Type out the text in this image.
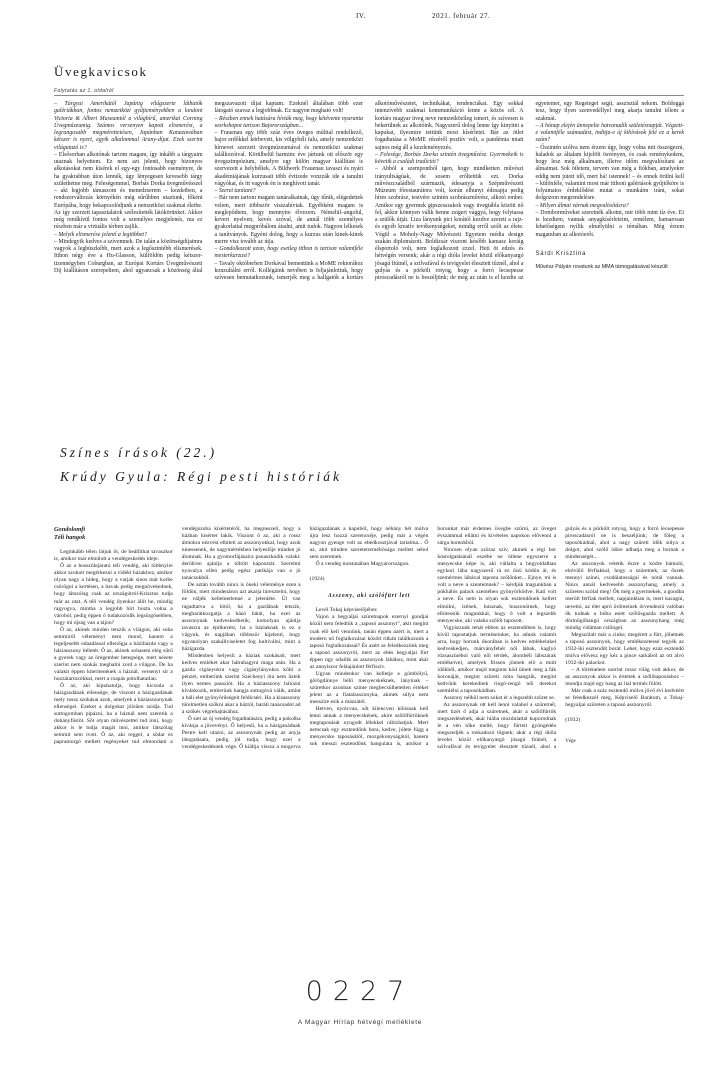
IV.	2021. február 27.
Üvegkavicsok
Folytatás az 1. oldalról

– Tárgyai Amerikától Japánig világszerte láthatók galériákban, fontos nemzetközi gyűjteményekben a londoni Victoria & Albert Museumtól a világhírű, amerikai Corning Üvegmúzeumig. Számos versenyen kapott elismerést, a legrangosabb megmérettetésen, Japánban Kanazawában kétszer is nyert, egyik alkalommal Arany-díjat. Ezek szerint világutazó is?

– Elsősorban alkotónak tartom magam, így inkább a tárgyaim utaznak helyettem. Ez nem azt jelenti, hogy bizonyos alkotásokat nem kísérek el egy-egy fontosabb eseményre, de ha gyakrabban úton lennék, úgy lényegesen kevesebb tárgy születhetne meg. Feleségemmel, Borbás Dorka üvegművésszel – aki legjobb támaszom és menedzserem – kezdetben, a rendszerváltozás környékén még sűrűbben utaztunk, főként Európába, hogy bekapcsolódjunk a nemzetközi szakmai életbe. Az így szerzett tapasztalatok szélesítették látókörünket. Akkor még rendkívül fontos volt a személyes megjelenés, ma ez részben már a virtuális térben zajlik.

– Melyik elismerése jelentí a legtöbbet?

– Mindegyik kedves a szívemnek. De talán a közönségdíjaimra vagyok a legbüszkébb, mert azok a legőszintébb elismerések. Itthon négy éve a Hu-Glasson, külföldön pedig kétszer-tizennégyben Coburgban, az Európai Kortárs Üvegművészeti Díj kiállításon szerepeltem, ahol ugyancsak a közönség által megszavazott díjat kaptam. Ezeknél általában több ezer látogató szavaz a legjobbnak. Ez nagyon megható volt!

– Részben ennek hatására hívták meg, hogy kétévente nyaranta workshopot tartson Bajorországban...

– Frauenau egy több száz éves üveges múlttal rendelkező, bajor erdőkkel körbevett, kis völgybéli falu, amely nemzetközi hírnevet szerzett üvegmúzeumával és nemzetközi szakmai találkozóival. Körülbelül harminc éve jártunk ott először egy üvegszimpózium, amelyre egy külön magyar kiállítást is szervezett a helybéliek. A Bildwerk Frauenau tavaszi és nyári akadémiájának kurzusait több évtizede vonzzák ide a tanulni vágyókat, és itt vagyok én is meghívott tanár.

– Szeret tanítani?

– Bár nem tartom magam tanáralkatnak, úgy tűnik, elégedettek velem, mert többször visszahívtak. Egyébként magam is meglepődtem, hogy mennyire élvezem. Némelül–angolul, kevert nyelven, kevés szóval, de annál több személyes gyakorlattal megpróbálom átadni, amit tudok. Nagyon lelkesek a tanítványok. Egyéni dolog, hogy a kurzus után kinek-kinek merre visz tovább az útja.

– Gondolkozott azon, hogy esetleg itthon is tartson valamiféle mesterkurzust?

– Tavaly októberben Dorkával bementünk a MoME rektorához konzultálni erről. Kollégáink nevében is feljajánlottuk, hogy szívesen bemutatkozunk, ismerjék meg a hallgatók a kortárs alkotóművészetet, technikákat, tendenciákat. Egy sokkal intenzívebb szakmai kommunikáció lenne a közös cél. A kortárs magyar üveg neve nemzetközileg ismert, és szívesen is bekerülnek az alkotóink. Nagyszerű dolog lenne így kinyitni a kapukat, ilyesmire tettünk most kísérletet. Bár az ötlet fogadtatása a MoME részéről pozitív volt, a pandémia miatt sajnos még áll a kezdeményezés.

– Felesége, Borbás Dorka szintén üvegművész. Gyermekeik is követik a családi tradíciót?

– Abból a szempontból igen, hogy mindketten művészi irányultságúak, de sosem erőltettük ezt. Dorka művészcsaládból származik, édesanyja a Szépművészeti Múzeum főrestaurátora volt, korán elhunyt édesapja pedig híres szobrász, testvére szintén szobrászművész, alkotó ember. Amikor egy gyermek gipszesszakok vagy üvegtábla között nő fel, akkor könnyen válik benne zsigeri vággyá, hogy folytassa a szülők útját. Liza lányunk pici korától kezdve szereti a rajz- és egyéb kreatív tevékenységeket, mindig erről szólt az élete. Végül a Moholy-Nagy Művészeti Egyetem média design szakán diplomázott. Boldizsár viszont később kamasz koráig élsportoló volt, nem foglalkozott ezzel. Heti öt edzés és hétvégén versenk; akár a régi dióla levelei közül előkanyargó jósagú fiútnél, a szilvafával és tevigyelet élesztett tűznél, ahol a gulyás és a pörkölt rotyog, hogy a forró lecsepesse piroscadásról ne is beszéljünk; de még az után is el kezdte az egyetemet, egy Regeteget segít, asszisztál nekem. Boldoggá tesz, hogy ilyen szenvedéllyel meg akarja tanulni tőlem a szakmát.

– A hónap elején ünnepelte hatvanadik születésnapját. Végzett-e valamiféle számadást, inditja-e új kihívások felé ez a kerek szám?

– Őszintén szólva nem érzem úgy, hogy volna mit összegezni, haladok az általam kijelölt ösvényen, és csak reménykedem, hogy lesz még alkalmam, illetve időm megvalósítani az álmaimat. Sok ötletem, tervem van még a fiókban, amelyekre eddig nem jutott idő, mert há! istennek! – és ennek örülni kell – különféle, valamint most már itthoni galériások gyűjtőköre is folyamatos érdeklődést mutat a munkáim iránt, sokat dolgozom megrendelésre.

– Milyen álmai várnak megvalósításra?

– Domborműveket szeretnék alkotni, mir több mint tíz éve. Ei is kezdtem, vannak anyagkísérleteim, remélem, hamarosan lehetőségem nyílik elmélyülni a témában. Még érzem magamban az alkotóerőt.

Sárdi Krisztina
Művész Pályán rovatunk az MMA támogatásával készült
Színes írások (22.)
Krúdy Gyula: Régi pesti históriák

Gondolomfi

Téli hangok

Leginkább télen látjuk őt, de beállíthat tavaszkor is, amikor már elmúlott a vendégeskedés ideje.

Ő az a hosszúlejáratú téli vendég, aki többnyire akkor szokott megérkezni a vidéki házakhoz, amikor olyan nagy a hideg, hogy a varjak sinos már korbe csörögni a kertésen, a havak pedig megnövekednek, hogy látszólag csak az országútról-Krisztus tudja már az utat. A téli vendég ilyenkor állít be, mindig ragyogva, mintha a legjobb hírt hozta volna a vároból, pedig éppen ő tudakozódik legsürgősebben, hogy mi újság van a tájon?

Ő az, akinek minden tetszik a világon, aki soha semmiről véleményt nem mond, hanem a legeljesebb odaadással ellenőgja a háziházda vagy a háziasszony ítéletét. Ő az, akinek sohasem elég sűrű a gyerek vagy az öregember betegsége, mert nézete szerint nem szokás meghalni zord a világon. De ha valakit éppen kiterítenének a háznál, versenyt sír a hozzátartozókkal, mert a csapás pótolhatatlan.

Ő az, aki kipuhatolja, hogy kicsoda a házigazdának ellensége, de viszont a házigazdának mely rossz szokásai azok, amelyek a háziasszonynak ellenségei. Ezeket a dolgokat jóízűen szidja. Tud suttogomban pipázni, ha a háznál nem szeretik a dohányfüstöt. Sőt olyan művészettel tud inni, hogy akkor is le tudja magát inni, amikor látszólag semmit sem ivott. Ő az, aki reggel, a södar és papramorgó mellett regényeket tud elmondani a vendégszoba kísértetéről, ha megneszeli, hogy a házban kísértet lakik. Viszont ő az, aki a rossz álmokra nézvést elhíteti az asszonyokkal, hogy azok ninessenek, de nagymértékben helyeslője minden jó álomnak. Ha a gyomorfájásaira panaszkodik valaki: derült/en ajánlja a töltött káposztát. Szerelmi nyavalya ellen pedig egész patikája van a jó tanácsokból.

De aztán tovább nincs is öneki véleménye ezen a földön, mert mindenáron azt akarja hiresztelni, hogy ne váljék kellemetlenné a jelenléte. Ül van ragadtatva a lótól, ha a gazdának tetszik, megbarátkozgatja a házó hátát, ha ezel az asszonynak kedveskedhetik; komolyan ajánlja tavaszra az építkezést, ha a háziaknak is ez a vágyuk, és napjában többször kijelenti, hogy ugyanolyan szakállviseletet fog kultiválni, mint a házigazda.

Mindenben helyesli a háziak szokásait, mert kedves emléket akar hátrahagyni maga után. Ha a gazda cigányokra vagy cigánylányokra költi a pénzét, emberünk szerint Széchenyi óta nem űztek ilyen nemes passziót. Ha a háziasszony bálozni kívánkozik, emberünk hangja suttogóvá válik, amint a báli elet gyönyörűségeit feldicséri. Ha a kisasszony türelmetlen szőkni akar a háztól, baráti tanácsadót ad a szökés végrehajtásához.

Ő siet az új vendég fogadtatására, pedig a pokolba kívánja a jövevényt. Ő helyesli, ha a háziganádnak Pestre kell utazni, az asszonynak pedig az anyja látogatására, pedig jól tudja, hogy ezel a vendégeskedésnek vége. Ő kiáltja vissza a mogorva házigazdának a kapuból, hogy néhány hét múlva újra lesz hozzá szerencséje, pedig már a végén nagyon gyenge volt az ebédkosztjával tartalma... Ő az, akit minden szeretetreméltósága mellett sehol sem szeretnek.

Ő a vendég mostanában Magyarországon.

(1924)

Asszony, aki szólófürt lett

Levél Tokaj képviselőjéhez

Vajon a hegyaljai szüretnapok ezernyi gondjai közül nem feledtük a „taposó asszonyt”, akit megint csak elő kell vennünk, tanán éppen azért is, mert a modern nő foglalkozásai között ritkán találkozunk a taposó foglalkozással? És azért se feledkezzünk meg a taposó asszonyról, mert az ebés hegyaljai fürt éppen úgy odailik az asszonyok lábához, mint akár az annyiszor feláajánlott férfiszív.

Ugyan mindenkor van kelletje a gömbölyű, görögdinnye bélű menyecskéknek, lányinak – szüretkor azonban szinte megbecsülhetetlen értéket jelent az a fiatalasszonyka, akinek súlya nem messzire esik a mázsától.

Hetven, nyolcvan, sőt kilencven kilósnak kell lenni annak a menyecskének, akire szőlőfürtöknek megtaposását nyugodt lélekkel rábízhatjuk. Mert nemcsak egy esztendőnk bora, kedve, jólete függ a menyecske taposásától, mozgékonyságától, hanem sok messzi esztendőnk hangulata is, amikor a borunkat már érdemes üvegbe szűrni, az üveget évszámmal ellátni és kivételes napokon elővenni a sárga homokból.

Nincsen olyan szüraz szív, akinek a régi bor kóstolgatásánál eszébe ne ötlene egyszerre a menyecske képe is, aki vállalta a hegyoldalban egykori lába nagyszerű rá ez őszi ködön át, és szemérmes lábával taposta szőlőnket... Ejnye, mi is volt a neve a szentemnek? – kérdjük magunkban a pókhálós palack szemében gyönyörködve. Kati volt a neve. És nem is olyan sok esztendőnek kellett elmúlni, ízének, húsznak, huszonötnek, hogy elhitessük magunkkal, hogy ő volt a legszebb menyecske, aki valaha szőlőt taposott.

Vigyázzunk tehát ebben az esztendőben is, hogy kívül tapostatjuk terméseinket, ha adunk valamit arra, hogy borunk ókorában is kedves emlékeinkel kedveskedjen, márványfehér női lábak, kaglyó rózsaszínébol való női térdek, álombéli lábszárak emlékeivel, amelyek frissen jönnek elő a múlt időkből, amikor majd meginnt köd ülnek meg a fák koronáját, megint szüreti nóta hangzik, megint kedvünk kerekednek ringó-rengő női derekot szemlélni a taposókádban.

Asszony nélkül nem sokat ér a legszebb szüret se.

Az asszonynak ott kell lenni valahol a szüretnél, mert tizét ő adja a szüretnek, akár a szőlőfürtök megszedésének, akár hiába mozdulattal kuporodnak le a vén tőke mellé, hogy fürteit gyöngédén megszedjék a roskadozó tőgnek; akár a régi dióla levelei közül előkanyargó jósagú fiútnél, a szilvafával és tevigyelet élesztett tűznél, ahol a gulyás és a pörkölt rotyog, hogy a forró lecsepesse piroscadásról ne is beszéljünk; de főleg a taposókádnál, ahol a nagy szüreti idők súlya a dolgot, ahol szőlő idöre adhatja meg a bornak a mindenségét...

Az asszonyok vétetik észre a kódre bámuló, elrévülő férfiakkal, hogy a szüretnek, az őszek mennyi színei, csodálatosságai és nótái vannak. Nincs annál kedvesebb asszonyhang, amely a szüreten szólal meg! Ők még a gyermekek, a gondba merült férfiak mellett, napjainkban is, mert kacagni, nevetni, az élet apró örömeinek örvendezni valóban ők tudnak a búba esett szőlősgazda mellett. A dörmögőhangú országban az asszonyhang még mindig vidáman csilingel.

Megszólalt már a cinke, megérett a fürt, jöhetnek a taposó asszonyok, hogy emlékezetessé tegyék az 1932-iki esztendőt borát. Lehet, hogy ezáz esztendő múlva elővesz egy kéz a pince sarkából az ott alvó 1932-iki palackot.

– A történelem szerint rossz világ volt akkor, de az asszonyok akkor is értettek a szőlőtaposáshoz – mondja majd egy hang az ital termés fölött.

Már csak a száz esztendő múlva jövő évi kedvéért se feledkezzél meg, Képviselő Barátom, a Tokaj-hegyaljai szüreten a taposó asszonyról.

(1932)

Vége

0227
A Magyar Hírlap hétvégi melléklete
